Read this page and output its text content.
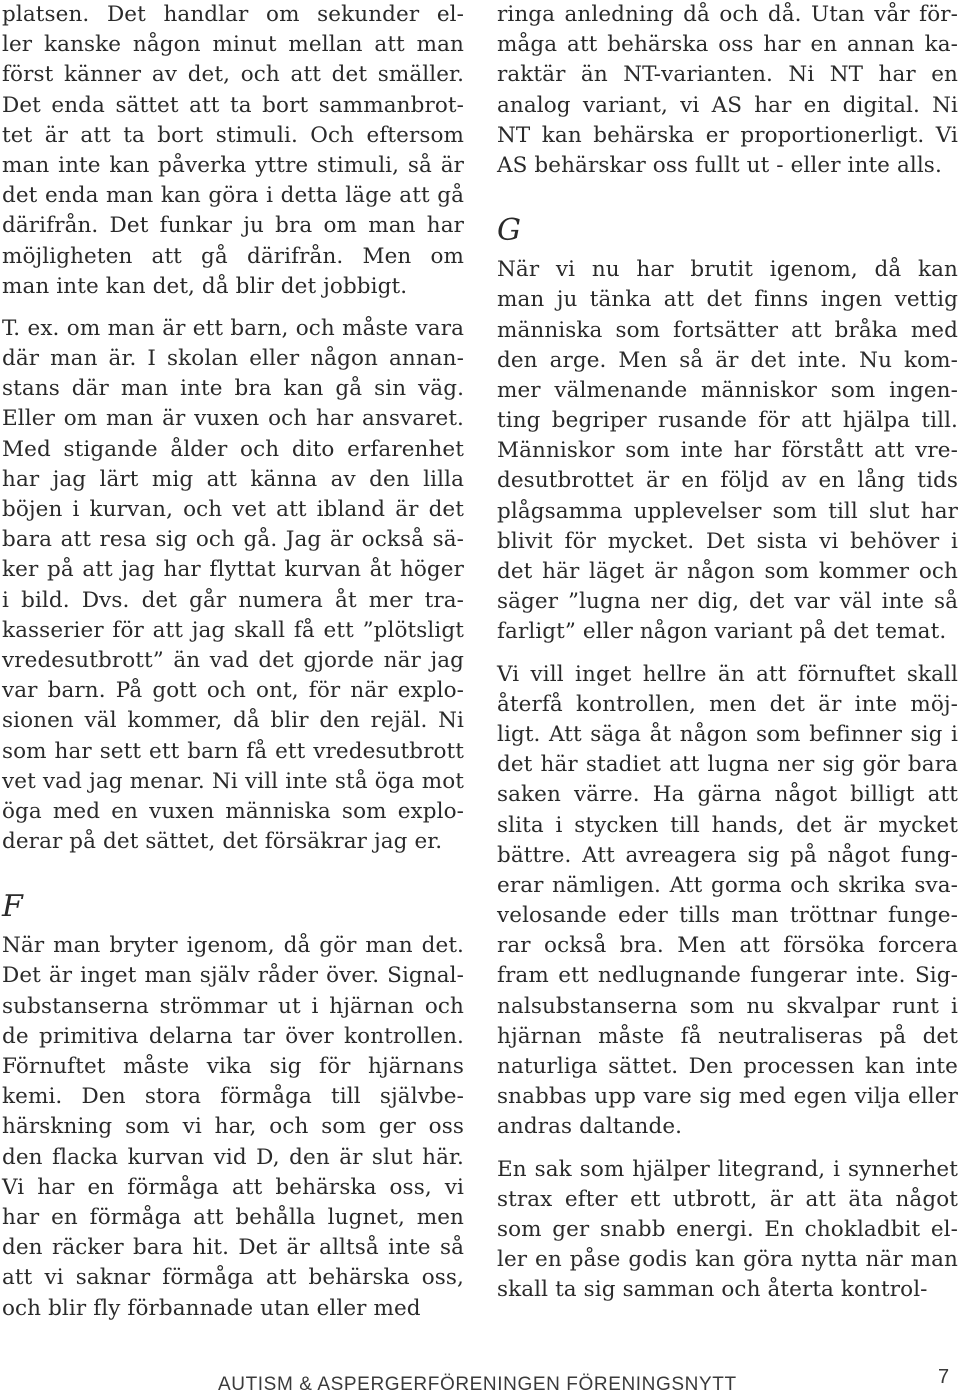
platsen. Det handlar om sekunder el-
ler kanske någon minut mellan att man
först känner av det, och att det smäller.
Det enda sättet att ta bort sammanbrot-
tet är att ta bort stimuli. Och eftersom
man inte kan påverka yttre stimuli, så är
det enda man kan göra i detta läge att gå
därifrån. Det funkar ju bra om man har
möjligheten att gå därifrån. Men om
man inte kan det, då blir det jobbigt.
T. ex. om man är ett barn, och måste vara
där man är. I skolan eller någon annan-
stans där man inte bra kan gå sin väg.
Eller om man är vuxen och har ansvaret.
Med stigande ålder och dito erfarenhet
har jag lärt mig att känna av den lilla
böjen i kurvan, och vet att ibland är det
bara att resa sig och gå. Jag är också sä-
ker på att jag har flyttat kurvan åt höger
i bild. Dvs. det går numera åt mer tra-
kasserier för att jag skall få ett ”plötsligt
vredesutbrott” än vad det gjorde när jag
var barn. På gott och ont, för när explo-
sionen väl kommer, då blir den rejäl. Ni
som har sett ett barn få ett vredesutbrott
vet vad jag menar. Ni vill inte stå öga mot
öga med en vuxen människa som explo-
derar på det sättet, det försäkrar jag er.
F
När man bryter igenom, då gör man det.
Det är inget man själv råder över. Signal-
substanserna strömmar ut i hjärnan och
de primitiva delarna tar över kontrollen.
Förnuftet måste vika sig för hjärnans
kemi. Den stora förmåga till självbe-
härskning som vi har, och som ger oss
den flacka kurvan vid D, den är slut här.
Vi har en förmåga att behärska oss, vi
har en förmåga att behålla lugnet, men
den räcker bara hit. Det är alltså inte så
att vi saknar förmåga att behärska oss,
och blir fly förbannade utan eller med
ringa anledning då och då. Utan vår för-
måga att behärska oss har en annan ka-
raktär än NT-varianten. Ni NT har en
analog variant, vi AS har en digital. Ni
NT kan behärska er proportionerligt. Vi
AS behärskar oss fullt ut - eller inte alls.
G
När vi nu har brutit igenom, då kan
man ju tänka att det finns ingen vettig
människa som fortsätter att bråka med
den arge. Men så är det inte. Nu kom-
mer välmenande människor som ingen-
ting begriper rusande för att hjälpa till.
Människor som inte har förstått att vre-
desutbrottet är en följd av en lång tids
plågsamma upplevelser som till slut har
blivit för mycket. Det sista vi behöver i
det här läget är någon som kommer och
säger ”lugna ner dig, det var väl inte så
farligt” eller någon variant på det temat.
Vi vill inget hellre än att förnuftet skall
återfå kontrollen, men det är inte möj-
ligt. Att säga åt någon som befinner sig i
det här stadiet att lugna ner sig gör bara
saken värre. Ha gärna något billigt att
slita i stycken till hands, det är mycket
bättre. Att avreagera sig på något fung-
erar nämligen. Att gorma och skrika sva-
velosande eder tills man tröttnar funge-
rar också bra. Men att försöka forcera
fram ett nedlugnande fungerar inte. Sig-
nalsubstanserna som nu skvalpar runt i
hjärnan måste få neutraliseras på det
naturliga sättet. Den processen kan inte
snabbas upp vare sig med egen vilja eller
andras daltande.
En sak som hjälper litegrand, i synnerhet
strax efter ett utbrott, är att äta något
som ger snabb energi. En chokladbit el-
ler en påse godis kan göra nytta när man
skall ta sig samman och återta kontrol-
AUTISM & ASPERGERFÖRENINGEN FÖRENINGSNYTT	7
